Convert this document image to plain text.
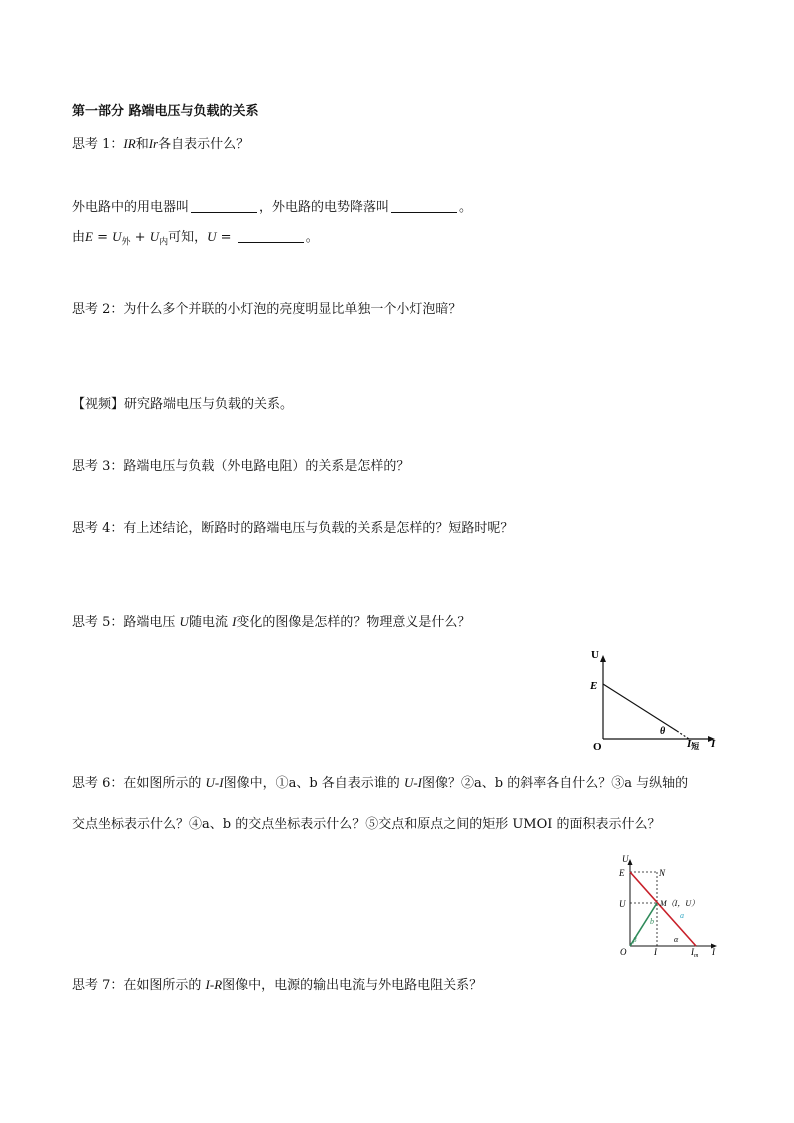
第一部分 路端电压与负载的关系
思考 1：IR和Ir各自表示什么？
外电路中的用电器叫	，外电路的电势降落叫	。
由$E = U_外 + U_内$可知，U =	。
思考 2：为什么多个并联的小灯泡的亮度明显比单独一个小灯泡暗？
【视频】研究路端电压与负载的关系。
思考 3：路端电压与负载（外电路电阻）的关系是怎样的？
思考 4：有上述结论，断路时的路端电压与负载的关系是怎样的？短路时呢？
思考 5：路端电压 U随电流 I变化的图像是怎样的？物理意义是什么？
U
E
O
θ
I短 I
思考 6：在如图所示的 U-I图像中，①a、b 各自表示谁的 U-I图像？②a、b 的斜率各自什么？③a 与纵轴的
交点坐标表示什么？④a、b 的交点坐标表示什么？⑤交点和原点之间的矩形 UMOI 的面积表示什么？
U
E	N
U	M（I，U）
a
b
β	α
O	I	$I_m$ I
思考 7：在如图所示的 I-R图像中，电源的输出电流与外电路电阻关系？
